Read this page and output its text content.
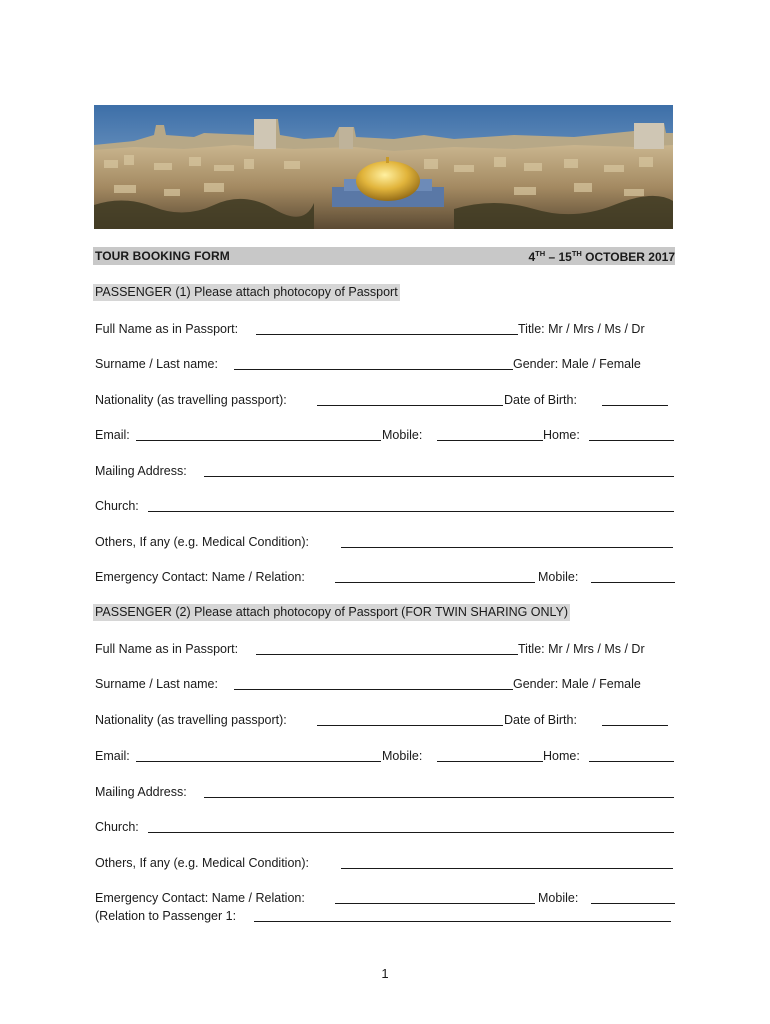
TOUR BOOKING FORM	4TH – 15TH OCTOBER 2017
PASSENGER (1) Please attach photocopy of Passport
Full Name as in Passport:	Title: Mr / Mrs / Ms / Dr
Surname / Last name:	Gender: Male / Female
Nationality (as travelling passport):	Date of Birth:
Email:	Mobile:	Home:
Mailing Address:
Church:
Others, If any (e.g. Medical Condition):
Emergency Contact: Name / Relation:	Mobile:
PASSENGER (2) Please attach photocopy of Passport (FOR TWIN SHARING ONLY)
Full Name as in Passport:	Title: Mr / Mrs / Ms / Dr
Surname / Last name:	Gender: Male / Female
Nationality (as travelling passport):	Date of Birth:
Email:	Mobile:	Home:
Mailing Address:
Church:
Others, If any (e.g. Medical Condition):
Emergency Contact: Name / Relation:	Mobile:
(Relation to Passenger 1:
1
